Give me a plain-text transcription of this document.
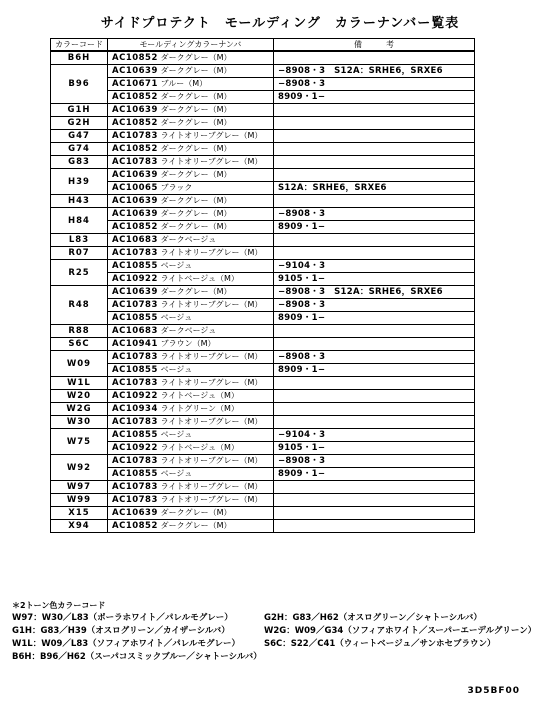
サイドプロテクト　モールディング　カラーナンバー覧表
カラーコード	モールディングカラーナンバ	備　　　考
B6H	AC10852 ダークグレー（M）	
B96	AC10639 ダークグレー（M）	−8908・3　S12A：SRHE6，SRXE6
	AC10671 ブルー（M）	−8908・3
	AC10852 ダークグレー（M）	8909・1−
G1H	AC10639 ダークグレー（M）	
G2H	AC10852 ダークグレー（M）	
G47	AC10783 ライトオリーブグレー（M）	
G74	AC10852 ダークグレー（M）	
G83	AC10783 ライトオリーブグレー（M）	
H39	AC10639 ダークグレー（M）	
	AC10065 ブラック	S12A：SRHE6，SRXE6
H43	AC10639 ダークグレー（M）	
H84	AC10639 ダークグレー（M）	−8908・3
	AC10852 ダークグレー（M）	8909・1−
L83	AC10683 ダークベージュ	
R07	AC10783 ライトオリーブグレー（M）	
R25	AC10855 ベージュ	−9104・3
	AC10922 ライトベージュ（M）	9105・1−
R48	AC10639 ダークグレー（M）	−8908・3　S12A：SRHE6，SRXE6
	AC10783 ライトオリーブグレー（M）	−8908・3
	AC10855 ベージュ	8909・1−
R88	AC10683 ダークベージュ	
S6C	AC10941 ブラウン（M）	
W09	AC10783 ライトオリーブグレー（M）	−8908・3
	AC10855 ベージュ	8909・1−
W1L	AC10783 ライトオリーブグレー（M）	
W20	AC10922 ライトベージュ（M）	
W2G	AC10934 ライトグリーン（M）	
W30	AC10783 ライトオリーブグレー（M）	
W75	AC10855 ベージュ	−9104・3
	AC10922 ライトベージュ（M）	9105・1−
W92	AC10783 ライトオリーブグレー（M）	−8908・3
	AC10855 ベージュ	8909・1−
W97	AC10783 ライトオリーブグレー（M）	
W99	AC10783 ライトオリーブグレー（M）	
X15	AC10639 ダークグレー（M）	
X94	AC10852 ダークグレー（M）	
＊2トーン色カラーコード
W97：W30／L83（ポーラホワイト／パレルモグレー）	G2H：G83／H62（オスログリーン／シャトーシルバ）
G1H：G83／H39（オスログリーン／カイザーシルバ）	W2G：W09／G34（ソフィアホワイト／スーパーエーデルグリーン）
W1L：W09／L83（ソフィアホワイト／パレルモグレー）	S6C：S22／C41（ウィートベージュ／サンホセブラウン）
B6H：B96／H62（スーパコスミックブルー／シャトーシルバ）
3D5BF00
